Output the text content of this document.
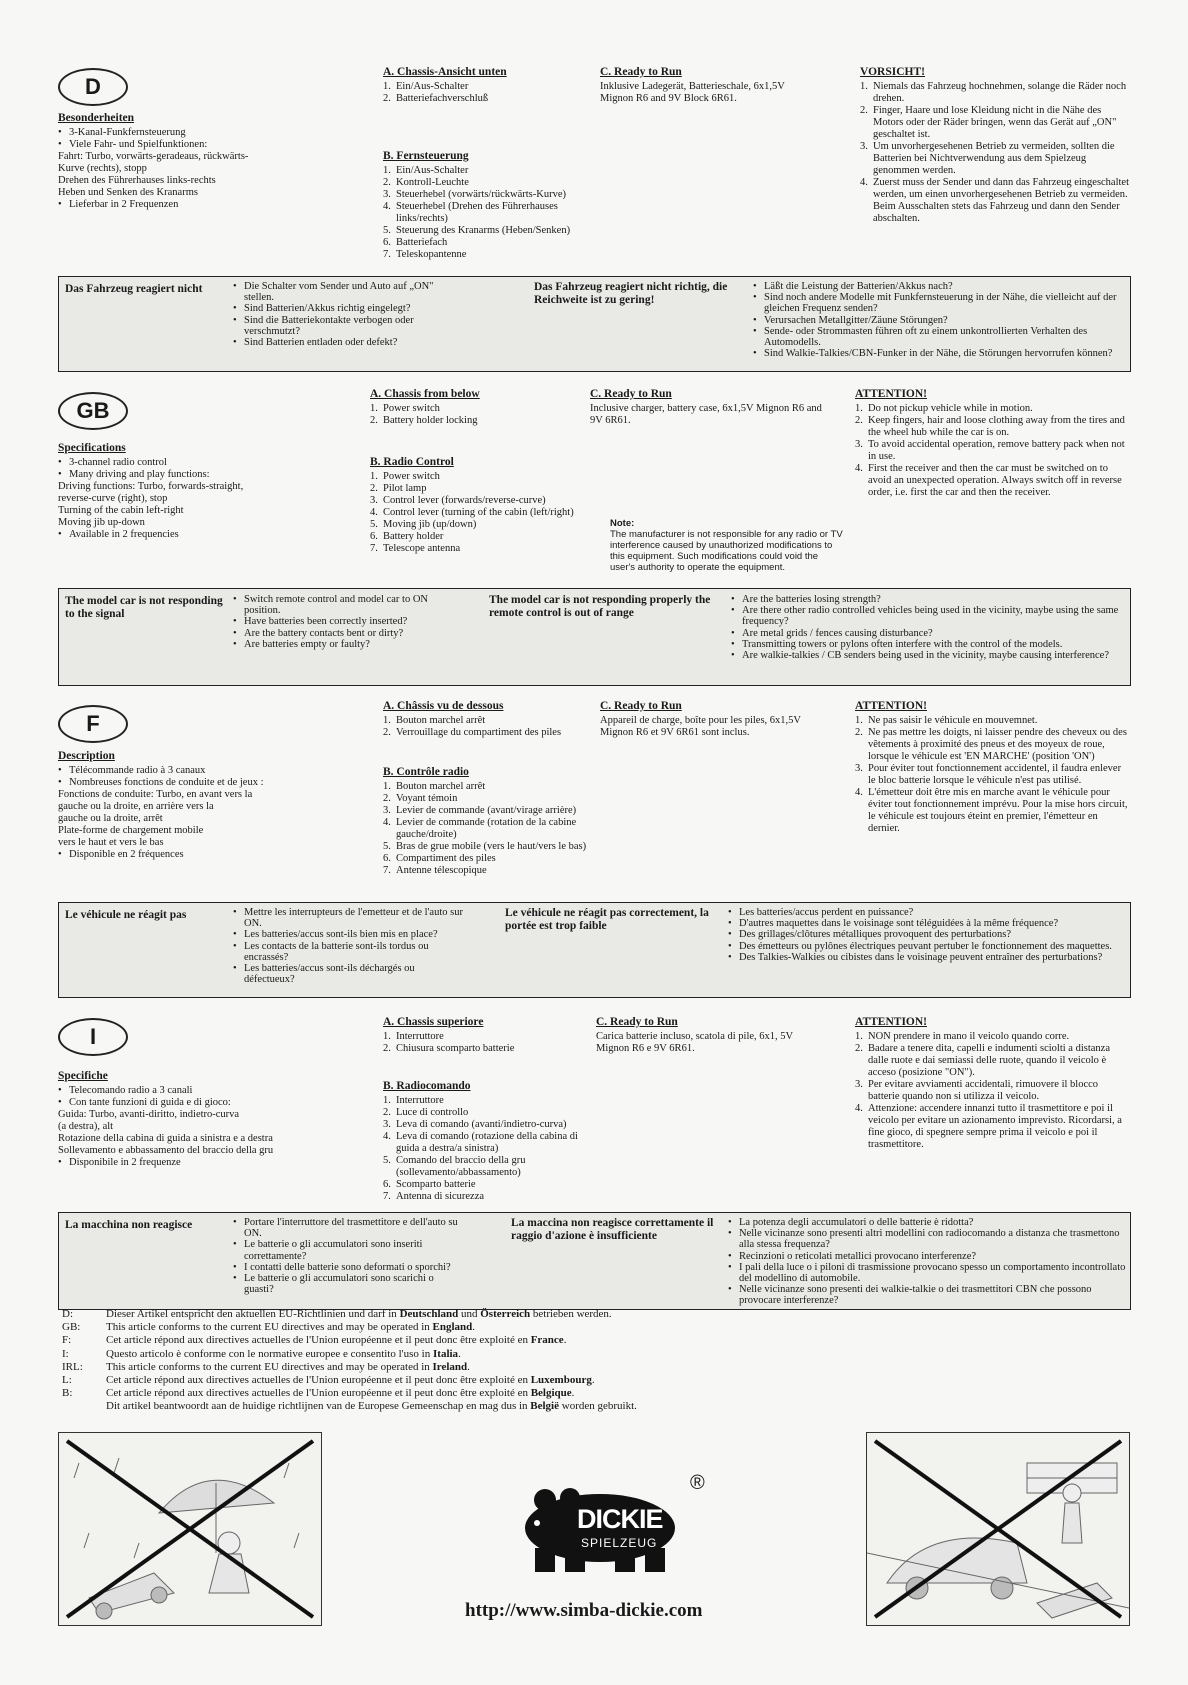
D
Besonderheiten
• 3-Kanal-Funkfernsteuerung
• Viele Fahr- und Spielfunktionen:
Fahrt: Turbo, vorwärts-geradeaus, rückwärts-
Kurve (rechts), stopp
Drehen des Führerhauses links-rechts
Heben und Senken des Kranarms
• Lieferbar in 2 Frequenzen
A. Chassis-Ansicht unten
1. Ein/Aus-Schalter
2. Batteriefachverschluß
B. Fernsteuerung
1. Ein/Aus-Schalter
2. Kontroll-Leuchte
3. Steuerhebel (vorwärts/rückwärts-Kurve)
4. Steuerhebel (Drehen des Führerhauses links/rechts)
5. Steuerung des Kranarms (Heben/Senken)
6. Batteriefach
7. Teleskopantenne
C. Ready to Run
Inklusive Ladegerät, Batterieschale, 6x1,5V Mignon R6 and 9V Block 6R61.
VORSICHT!
1. Niemals das Fahrzeug hochnehmen, solange die Räder noch drehen.
2. Finger, Haare und lose Kleidung nicht in die Nähe des Motors oder der Räder bringen, wenn das Gerät auf „ON" geschaltet ist.
3. Um unvorhergesehenen Betrieb zu vermeiden, sollten die Batterien bei Nichtverwendung aus dem Spielzeug genommen werden.
4. Zuerst muss der Sender und dann das Fahrzeug eingeschaltet werden, um einen unvorhergesehenen Betrieb zu vermeiden. Beim Ausschalten stets das Fahrzeug und dann den Sender abschalten.
Das Fahrzeug reagiert nicht	• Die Schalter vom Sender und Auto auf „ON" stellen.
• Sind Batterien/Akkus richtig eingelegt?
• Sind die Batteriekontakte verbogen oder verschmutzt?
• Sind Batterien entladen oder defekt?
Das Fahrzeug reagiert nicht richtig, die Reichweite ist zu gering!
• Läßt die Leistung der Batterien/Akkus nach?
• Sind noch andere Modelle mit Funkfernsteuerung in der Nähe, die vielleicht auf der gleichen Frequenz senden?
• Verursachen Metallgitter/Zäune Störungen?
• Sende- oder Strommasten führen oft zu einem unkontrollierten Verhalten des Automodells.
• Sind Walkie-Talkies/CBN-Funker in der Nähe, die Störungen hervorrufen können?
GB
Specifications
• 3-channel radio control
• Many driving and play functions:
Driving functions: Turbo, forwards-straight,
reverse-curve (right), stop
Turning of the cabin left-right
Moving jib up-down
• Available in 2 frequencies
A. Chassis from below
1. Power switch
2. Battery holder locking
B. Radio Control
1. Power switch
2. Pilot lamp
3. Control lever (forwards/reverse-curve)
4. Control lever (turning of the cabin (left/right)
5. Moving jib (up/down)
6. Battery holder
7. Telescope antenna
C. Ready to Run
Inclusive charger, battery case, 6x1,5V Mignon R6 and 9V 6R61.
Note:
The manufacturer is not responsible for any radio or TV interference caused by unauthorized modifications to this equipment. Such modifications could void the user's authority to operate the equipment.
ATTENTION!
1. Do not pickup vehicle while in motion.
2. Keep fingers, hair and loose clothing away from the tires and the wheel hub while the car is on.
3. To avoid accidental operation, remove battery pack when not in use.
4. First the receiver and then the car must be switched on to avoid an unexpected operation. Always switch off in reverse order, i.e. first the car and then the receiver.
The model car is not responding to the signal
• Switch remote control and model car to ON position.
• Have batteries been correctly inserted?
• Are the battery contacts bent or dirty?
• Are batteries empty or faulty?
The model car is not responding properly the remote control is out of range
• Are the batteries losing strength?
• Are there other radio controlled vehicles being used in the vicinity, maybe using the same frequency?
• Are metal grids / fences causing disturbance?
• Transmitting towers or pylons often interfere with the control of the models.
• Are walkie-talkies / CB senders being used in the vicinity, maybe causing interference?
F
Description
• Télécommande radio à 3 canaux
• Nombreuses fonctions de conduite et de jeux :
Fonctions de conduite: Turbo, en avant vers la
gauche ou la droite, en arrière vers la
gauche ou la droite, arrêt
Plate-forme de chargement mobile
vers le haut et vers le bas
• Disponible en 2 fréquences
A. Châssis vu de dessous
1. Bouton marchel arrêt
2. Verrouillage du compartiment des piles
B. Contrôle radio
1. Bouton marchel arrêt
2. Voyant témoin
3. Levier de commande (avant/virage arrière)
4. Levier de commande (rotation de la cabine gauche/droite)
5. Bras de grue mobile (vers le haut/vers le bas)
6. Compartiment des piles
7. Antenne télescopique
C. Ready to Run
Appareil de charge, boîte pour les piles, 6x1,5V Mignon R6 et 9V 6R61 sont inclus.
ATTENTION!
1. Ne pas saisir le véhicule en mouvemnet.
2. Ne pas mettre les doigts, ni laisser pendre des cheveux ou des vêtements à proximité des pneus et des moyeux de roue, lorsque le véhicule est 'EN MARCHE' (position 'ON')
3. Pour éviter tout fonctionnement accidentel, il faudra enlever le bloc batterie lorsque le véhicule n'est pas utilisé.
4. L'émetteur doit être mis en marche avant le véhicule pour éviter tout fonctionnement imprévu. Pour la mise hors circuit, le véhicule est toujours éteint en premier, l'émetteur en dernier.
Le véhicule ne réagit pas	• Mettre les interrupteurs de l'emetteur et de l'auto sur ON.
• Les batteries/accus sont-ils bien mis en place?
• Les contacts de la batterie sont-ils tordus ou encrassés?
• Les batteries/accus sont-ils déchargés ou défectueux?
Le véhicule ne réagit pas correctement, la portée est trop faible
• Les batteries/accus perdent en puissance?
• D'autres maquettes dans le voisinage sont téléguidées à la même fréquence?
• Des grillages/clôtures métalliques provoquent des perturbations?
• Des émetteurs ou pylônes électriques peuvant pertuber le fonctionnement des maquettes.
• Des Talkies-Walkies ou cibistes dans le voisinage peuvent entraîner des perturbations?
I
Specifiche
• Telecomando radio a 3 canali
• Con tante funzioni di guida e di gioco:
Guida: Turbo, avanti-diritto, indietro-curva
(a destra), alt
Rotazione della cabina di guida a sinistra e a destra
Sollevamento e abbassamento del braccio della gru
• Disponibile in 2 frequenze
A. Chassis superiore
1. Interruttore
2. Chiusura scomparto batterie
B. Radiocomando
1. Interruttore
2. Luce di controllo
3. Leva di comando (avanti/indietro-curva)
4. Leva di comando (rotazione della cabina di guida a destra/a sinistra)
5. Comando del braccio della gru (sollevamento/abbassamento)
6. Scomparto batterie
7. Antenna di sicurezza
C. Ready to Run
Carica batterie incluso, scatola di pile, 6x1, 5V Mignon R6 e 9V 6R61.
ATTENTION!
1. NON prendere in mano il veicolo quando corre.
2. Badare a tenere dita, capelli e indumenti sciolti a distanza dalle ruote e dai semiassi delle ruote, quando il veicolo è acceso (posizione "ON").
3. Per evitare avviamenti accidentali, rimuovere il blocco batterie quando non si utilizza il veicolo.
4. Attenzione: accendere innanzi tutto il trasmettitore e poi il veicolo per evitare un azionamento imprevisto. Ricordarsi, a fine gioco, di spegnere sempre prima il veicolo e poi il trasmettitore.
La macchina non reagisce	• Portare l'interruttore del trasmettitore e dell'auto su ON.
• Le batterie o gli accumulatori sono inseriti correttamente?
• I contatti delle batterie sono deformati o sporchi?
• Le batterie o gli accumulatori sono scarichi o guasti?
La maccina non reagisce correttamente il raggio d'azione è insufficiente
• La potenza degli accumulatori o delle batterie è ridotta?
• Nelle vicinanze sono presenti altri modellini con radiocomando a distanza che trasmettono alla stessa frequenza?
• Recinzioni o reticolati metallici provocano interferenze?
• I pali della luce o i piloni di trasmissione provocano spesso un comportamento incontrollato del modellino di automobile.
• Nelle vicinanze sono presenti dei walkie-talkie o dei trasmettitori CBN che possono provocare interferenze?
D:	Dieser Artikel entspricht den aktuellen EU-Richtlinien und darf in Deutschland und Österreich betrieben werden.
GB: This article conforms to the current EU directives and may be operated in England.
F:	Cet article répond aux directives actuelles de l'Union européenne et il peut donc être exploité en France.
I:	Questo articolo è conforme con le normative europee e consentito l'uso in Italia.
IRL: This article conforms to the current EU directives and may be operated in Ireland.
L:	Cet article répond aux directives actuelles de l'Union européenne et il peut donc être exploité en Luxembourg.
B:	Cet article répond aux directives actuelles de l'Union européenne et il peut donc être exploité en Belgique.
Dit artikel beantwoordt aan de huidige richtlijnen van de Europese Gemeenschap en mag dus in België worden gebruikt.
DICKIE
SPIELZEUG
®
http://www.simba-dickie.com
